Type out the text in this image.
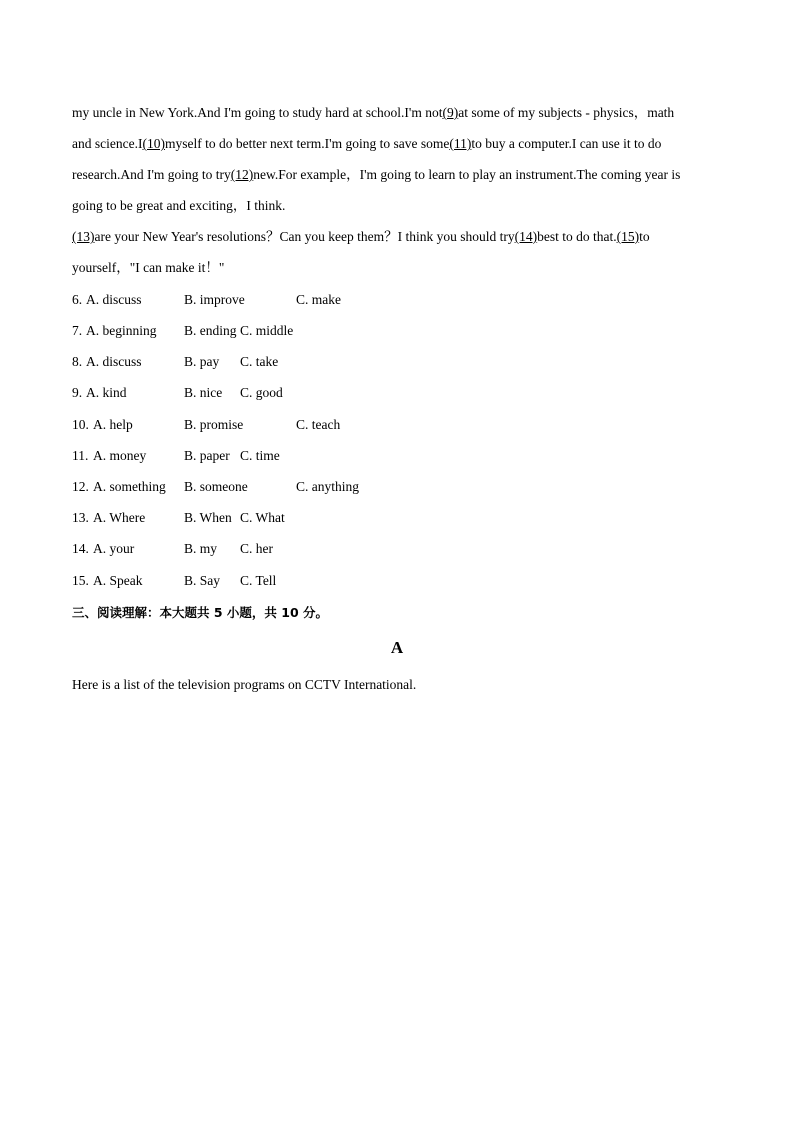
my uncle in New York.And I'm going to study hard at school.I'm not(9)at some of my subjects - physics，math
and science.I(10)myself to do better next term.I'm going to save some(11)to buy a computer.I can use it to do
research.And I'm going to try(12)new.For example，I'm going to learn to play an instrument.The coming year is
going to be great and exciting，I think.
(13)are your New Year's resolutions？Can you keep them？I think you should try(14)best to do that.(15)to
yourself，"I can make it！"
6. A. discuss	B. improve	C. make
7. A. beginning B. ending C. middle
8. A. discuss	B. pay C. take
9. A. kind	B. nice C. good
10. A. help	B. promise	C. teach
11. A. money	B. paper C. time
12. A. something B. someone	C. anything
13. A. Where	B. When C. What
14. A. your	B. my C. her
15. A. Speak	B. Say C. Tell
三、阅读理解：本大题共 5 小题，共 10 分。
A
Here is a list of the television programs on CCTV International.
